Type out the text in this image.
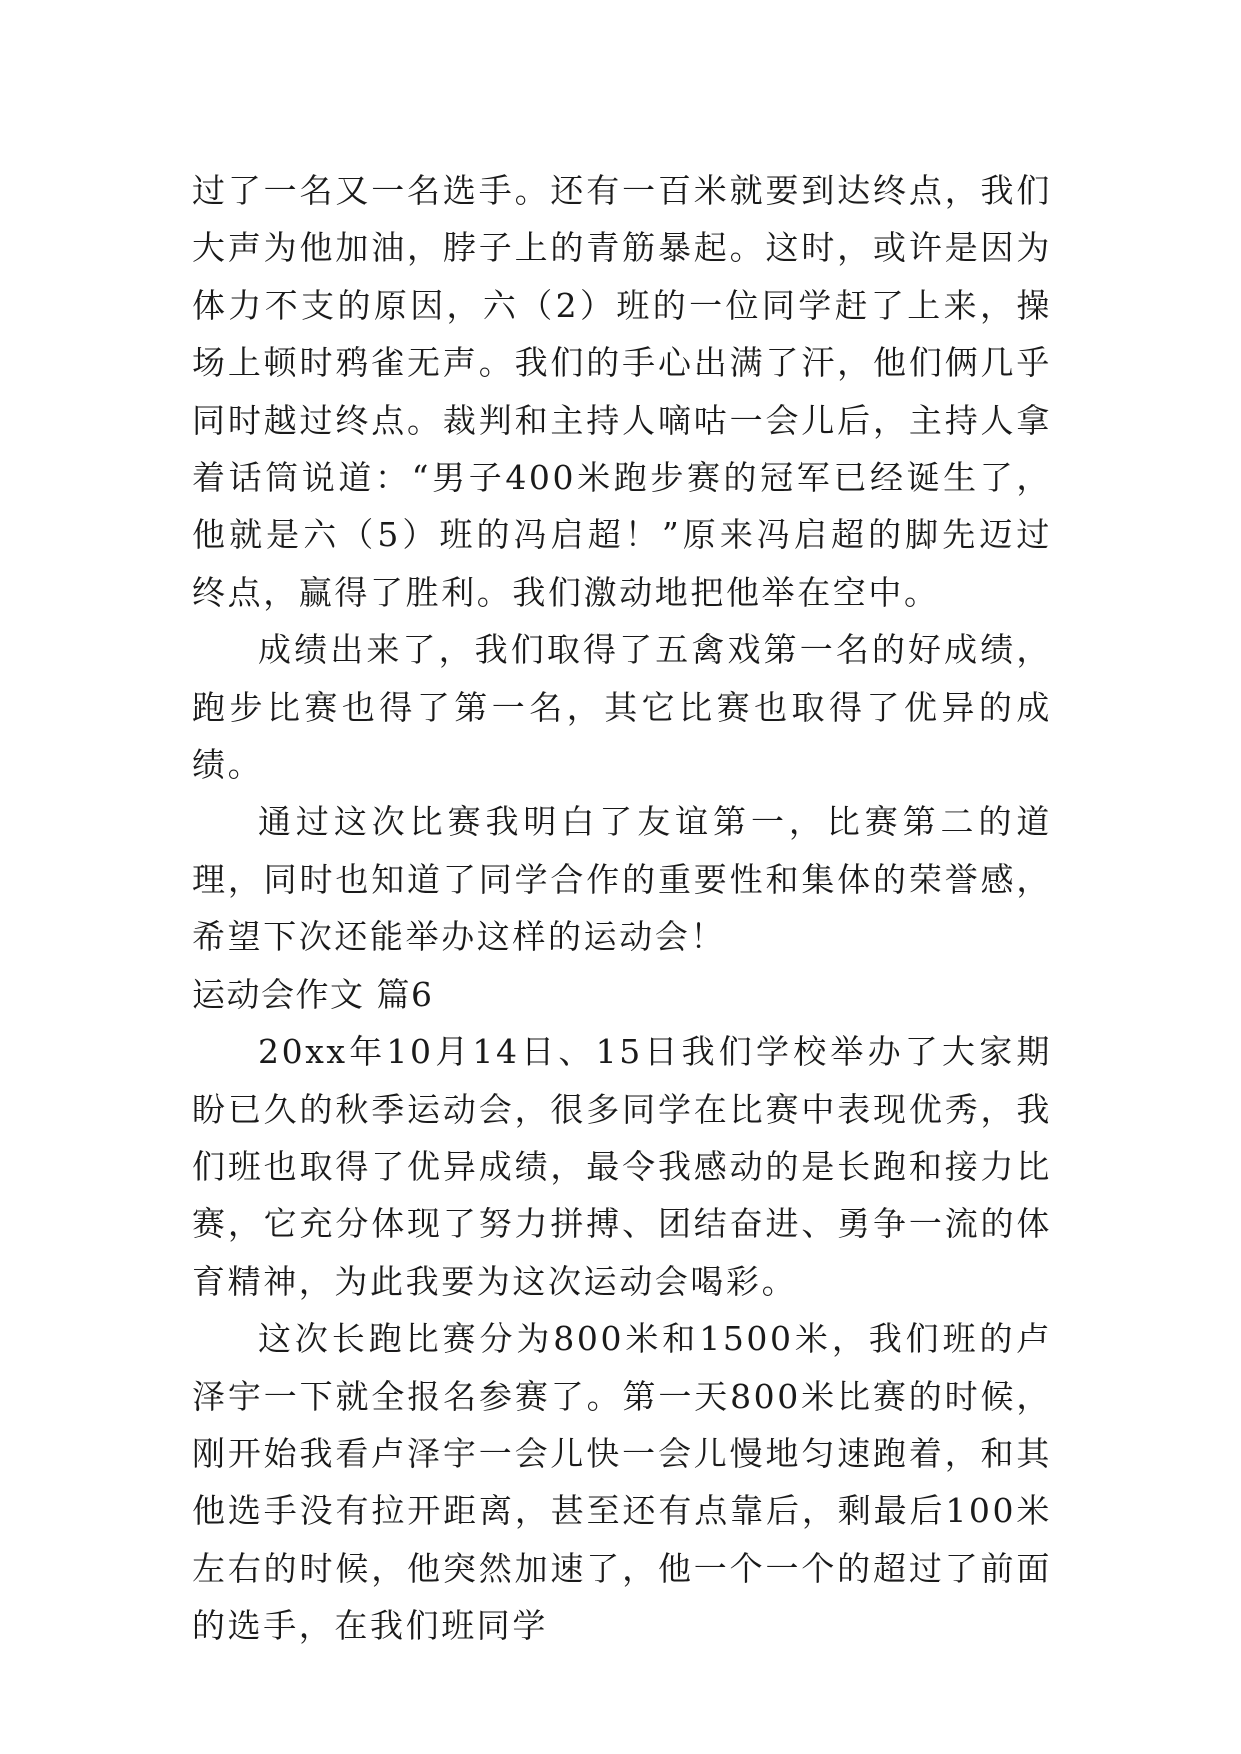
过了一名又一名选手。还有一百米就要到达终点，我们大声为他加油，脖子上的青筋暴起。这时，或许是因为体力不支的原因，六（2）班的一位同学赶了上来，操场上顿时鸦雀无声。我们的手心出满了汗，他们俩几乎同时越过终点。裁判和主持人嘀咕一会儿后，主持人拿着话筒说道：“男子400米跑步赛的冠军已经诞生了，他就是六（5）班的冯启超！”原来冯启超的脚先迈过终点，赢得了胜利。我们激动地把他举在空中。

成绩出来了，我们取得了五禽戏第一名的好成绩，跑步比赛也得了第一名，其它比赛也取得了优异的成绩。

通过这次比赛我明白了友谊第一，比赛第二的道理，同时也知道了同学合作的重要性和集体的荣誉感，希望下次还能举办这样的运动会！

运动会作文 篇6

20xx年10月14日、15日我们学校举办了大家期盼已久的秋季运动会，很多同学在比赛中表现优秀，我们班也取得了优异成绩，最令我感动的是长跑和接力比赛，它充分体现了努力拼搏、团结奋进、勇争一流的体育精神，为此我要为这次运动会喝彩。

这次长跑比赛分为800米和1500米，我们班的卢泽宇一下就全报名参赛了。第一天800米比赛的时候，刚开始我看卢泽宇一会儿快一会儿慢地匀速跑着，和其他选手没有拉开距离，甚至还有点靠后，剩最后100米左右的时候，他突然加速了，他一个一个的超过了前面的选手，在我们班同学
